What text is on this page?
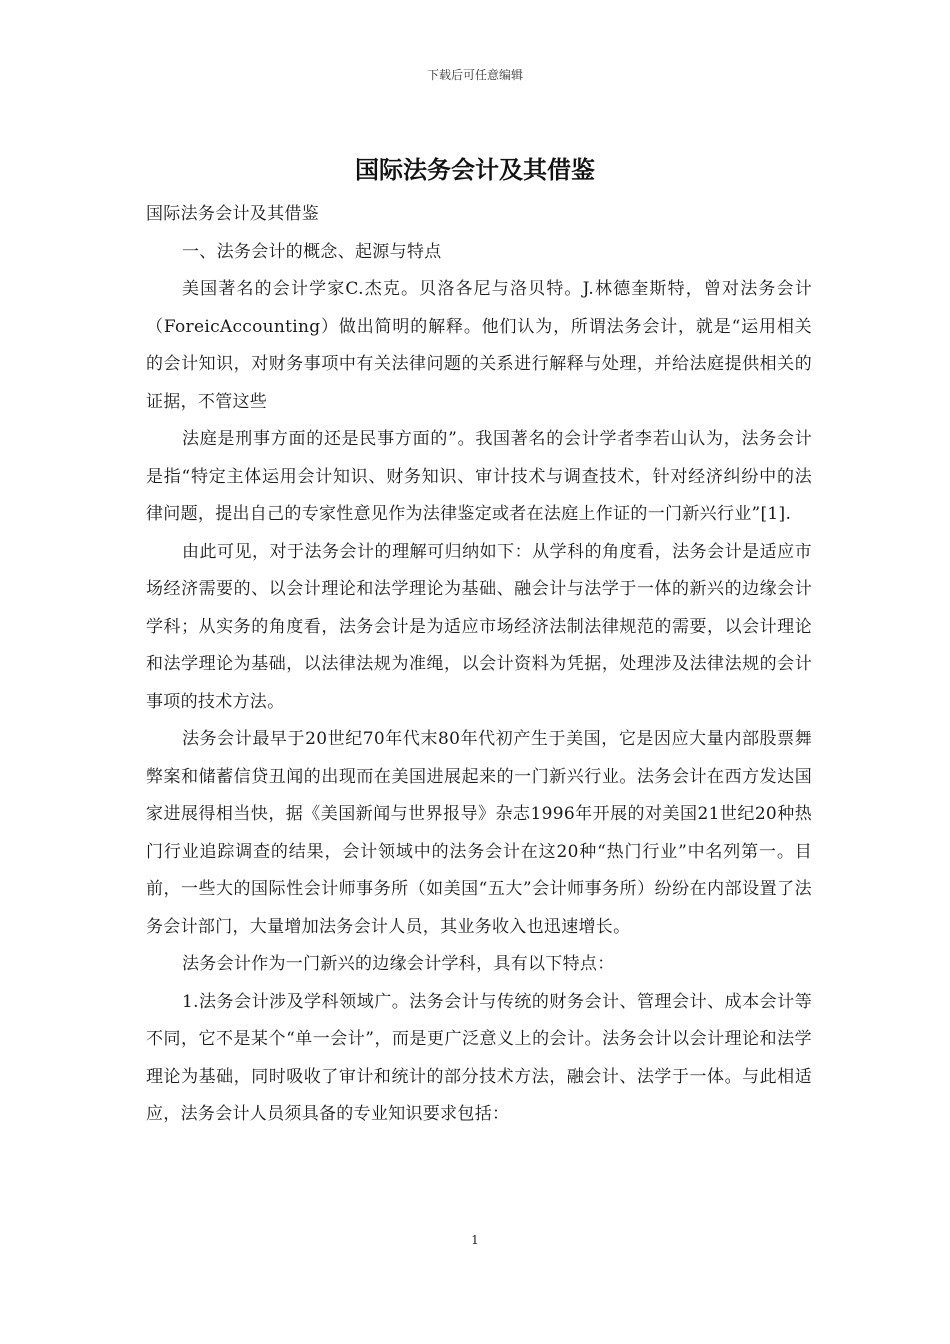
下载后可任意编辑
国际法务会计及其借鉴

国际法务会计及其借鉴

一、法务会计的概念、起源与特点

美国著名的会计学家C.杰克。贝洛各尼与洛贝特。J.林德奎斯特，曾对法务会计（ForeicAccounting）做出简明的解释。他们认为，所谓法务会计，就是“运用相关的会计知识，对财务事项中有关法律问题的关系进行解释与处理，并给法庭提供相关的证据，不管这些

法庭是刑事方面的还是民事方面的”。我国著名的会计学者李若山认为，法务会计是指“特定主体运用会计知识、财务知识、审计技术与调查技术，针对经济纠纷中的法律问题，提出自己的专家性意见作为法律鉴定或者在法庭上作证的一门新兴行业”[1].

由此可见，对于法务会计的理解可归纳如下：从学科的角度看，法务会计是适应市场经济需要的、以会计理论和法学理论为基础、融会计与法学于一体的新兴的边缘会计学科；从实务的角度看，法务会计是为适应市场经济法制法律规范的需要，以会计理论和法学理论为基础，以法律法规为准绳，以会计资料为凭据，处理涉及法律法规的会计事项的技术方法。

法务会计最早于20世纪70年代末80年代初产生于美国，它是因应大量内部股票舞弊案和储蓄信贷丑闻的出现而在美国进展起来的一门新兴行业。法务会计在西方发达国家进展得相当快，据《美国新闻与世界报导》杂志1996年开展的对美国21世纪20种热门行业追踪调查的结果，会计领域中的法务会计在这20种“热门行业”中名列第一。目前，一些大的国际性会计师事务所（如美国“五大”会计师事务所）纷纷在内部设置了法务会计部门，大量增加法务会计人员，其业务收入也迅速增长。

法务会计作为一门新兴的边缘会计学科，具有以下特点：

1.法务会计涉及学科领域广。法务会计与传统的财务会计、管理会计、成本会计等不同，它不是某个“单一会计”，而是更广泛意义上的会计。法务会计以会计理论和法学理论为基础，同时吸收了审计和统计的部分技术方法，融会计、法学于一体。与此相适应，法务会计人员须具备的专业知识要求包括：

1
